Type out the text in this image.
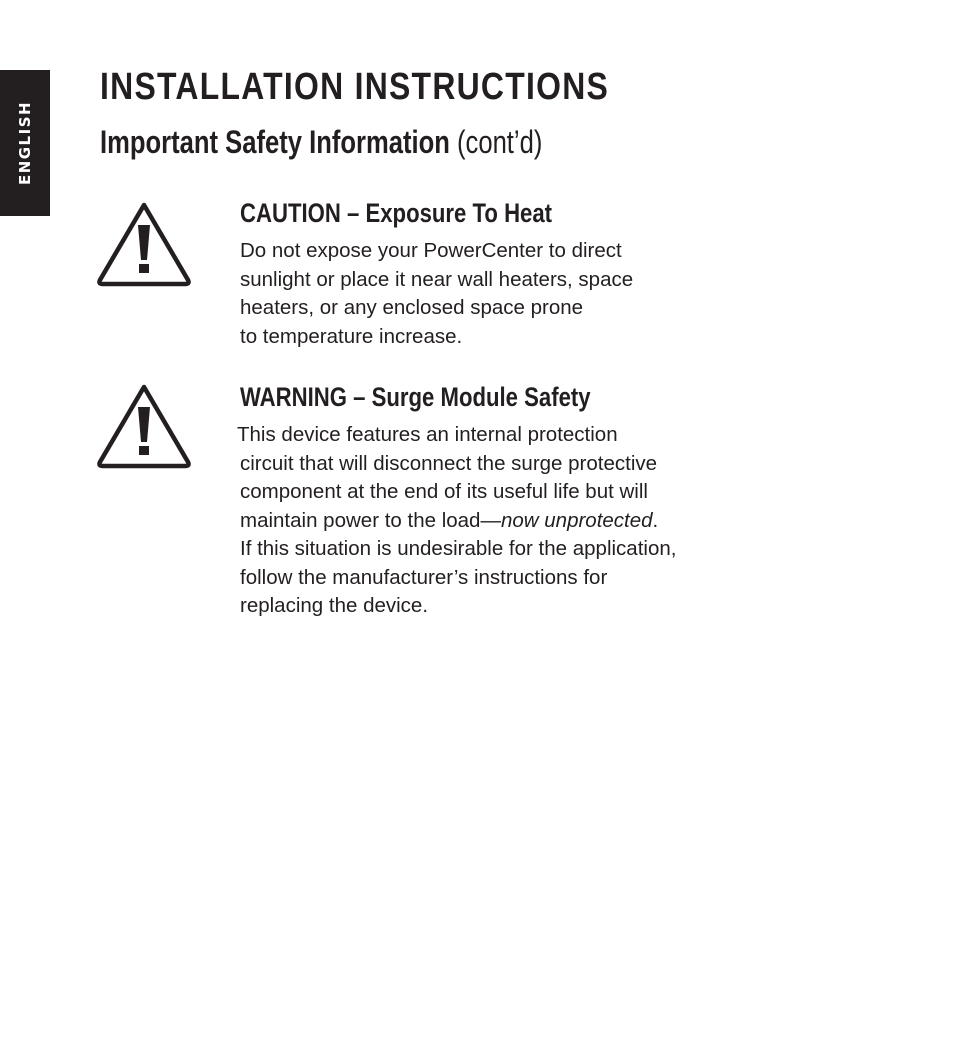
ENGLISH
INSTALLATION INSTRUCTIONS
Important Safety Information (cont’d)
CAUTION – Exposure To Heat

Do not expose your PowerCenter to direct
sunlight or place it near wall heaters, space
heaters, or any enclosed space prone
to temperature increase.

WARNING – Surge Module Safety

This device features an internal protection
circuit that will disconnect the surge protective
component at the end of its useful life but will
maintain power to the load—now unprotected.
If this situation is undesirable for the application,
follow the manufacturer’s instructions for
replacing the device.
